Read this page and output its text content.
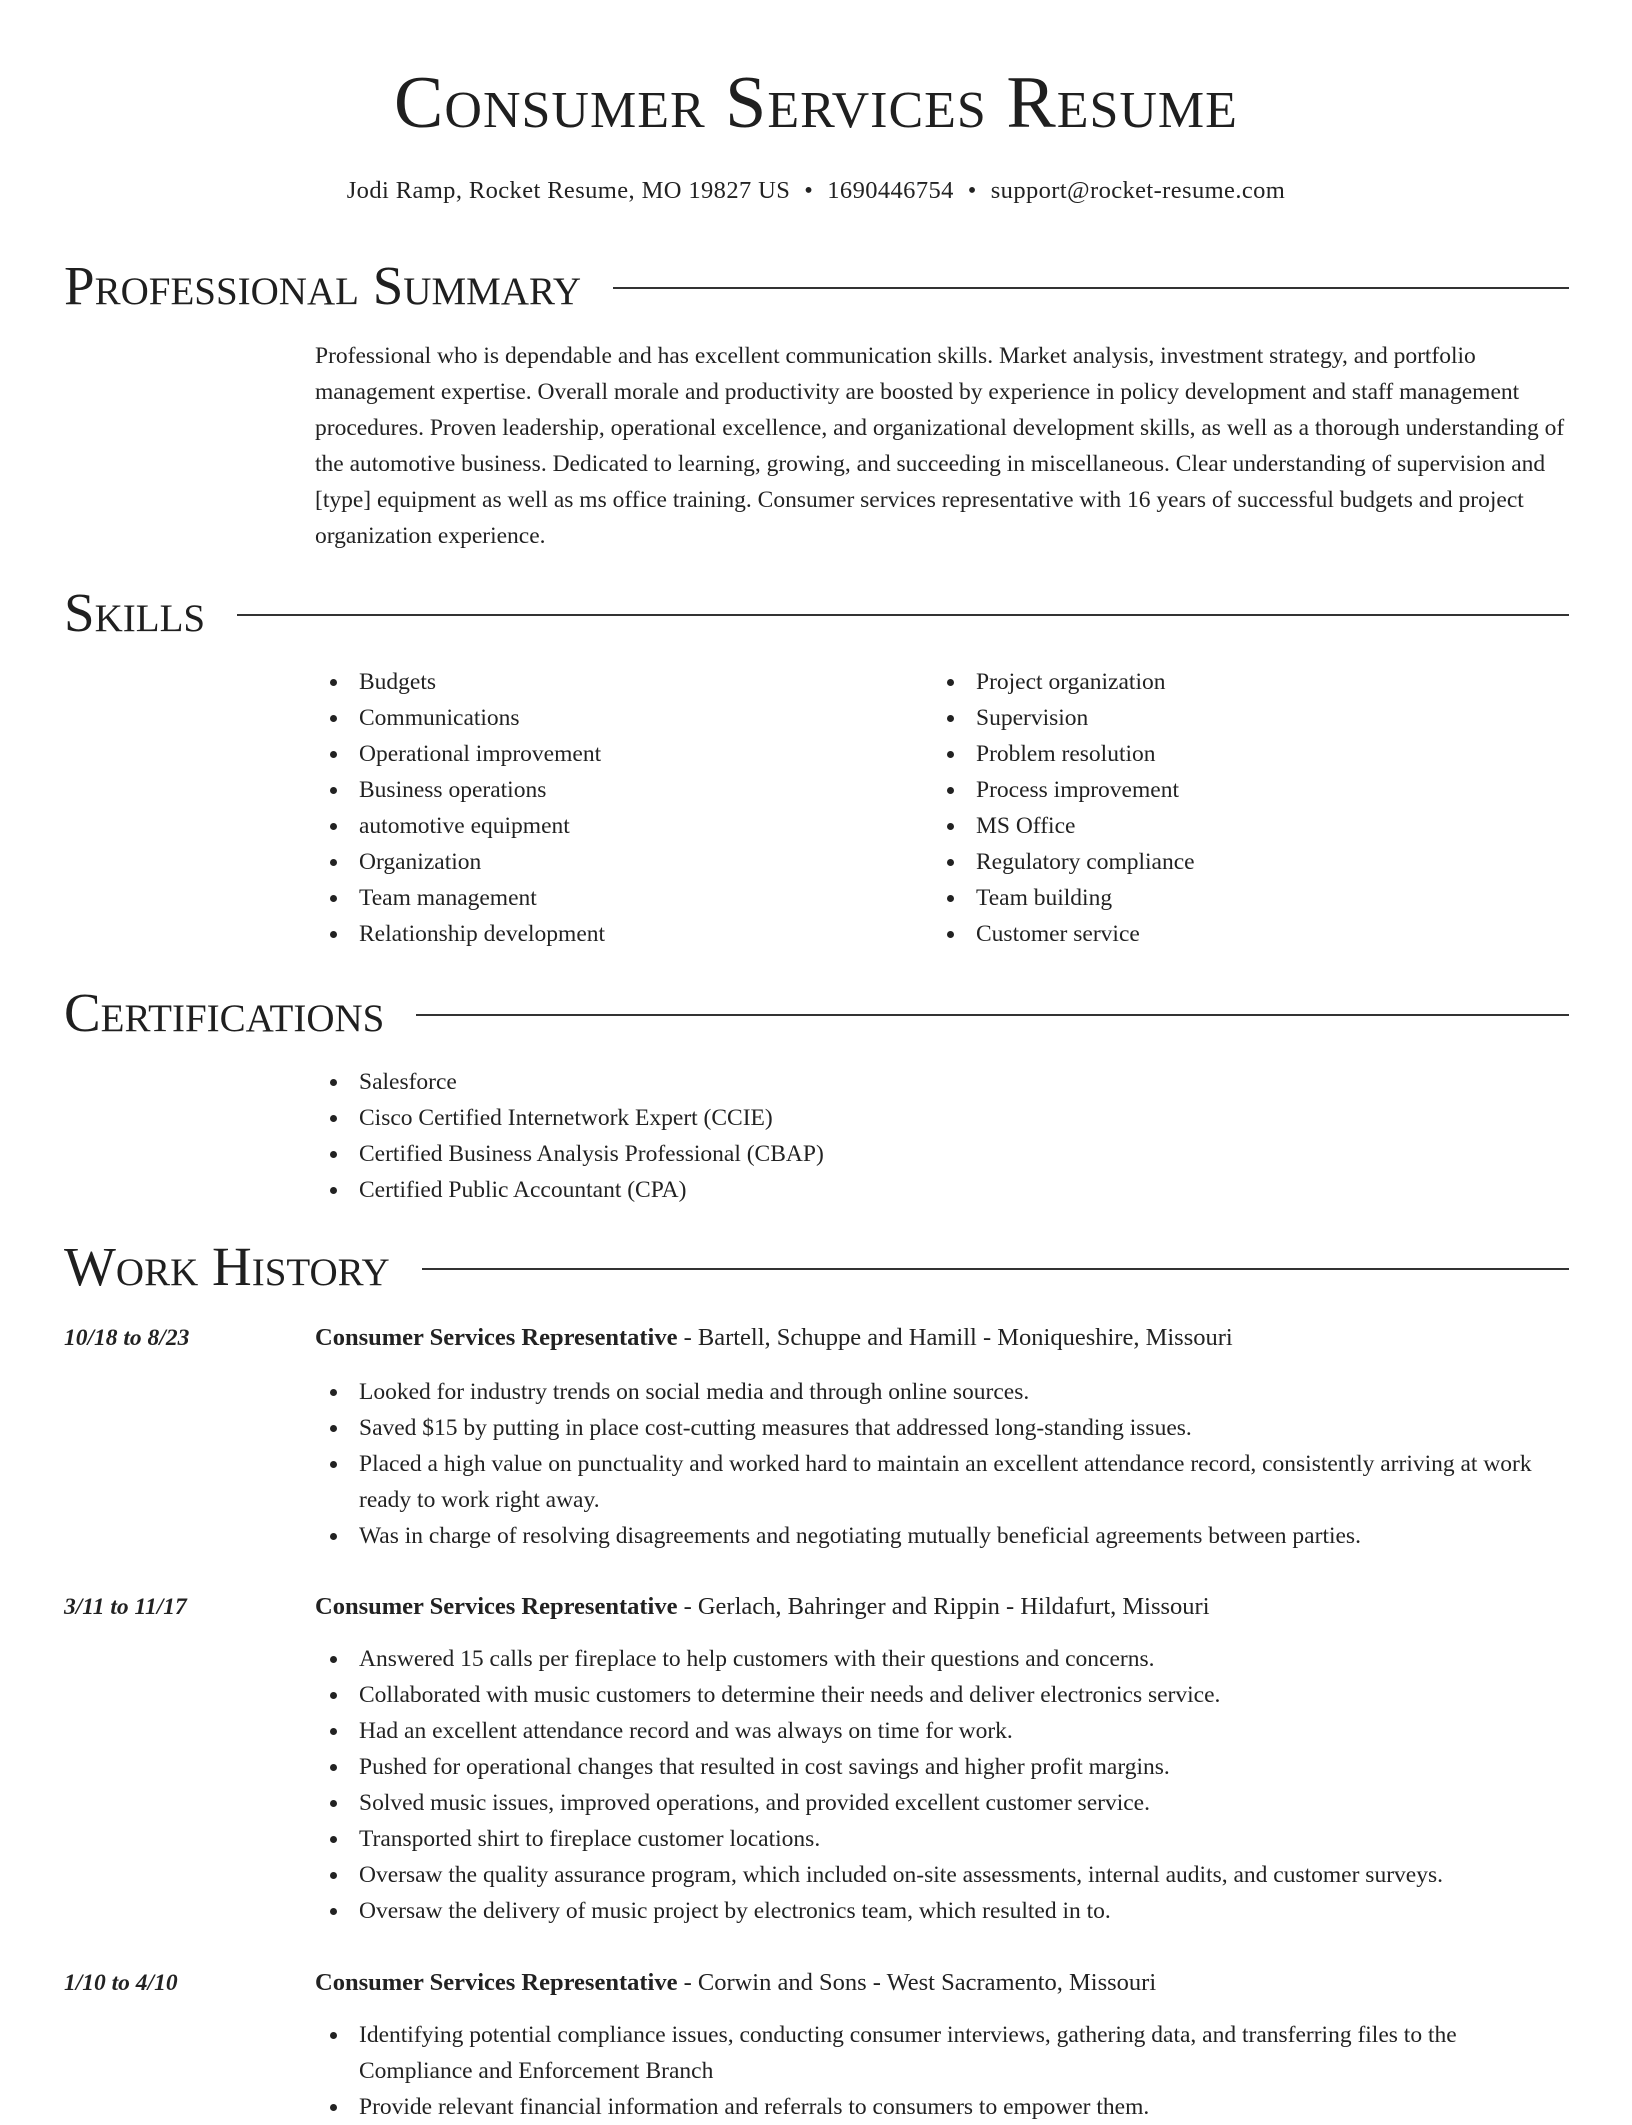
Consumer Services Resume
Jodi Ramp, Rocket Resume, MO 19827 US • 1690446754 • support@rocket-resume.com
Professional Summary

Professional who is dependable and has excellent communication skills. Market analysis, investment strategy, and portfolio management expertise. Overall morale and productivity are boosted by experience in policy development and staff management procedures. Proven leadership, operational excellence, and organizational development skills, as well as a thorough understanding of the automotive business. Dedicated to learning, growing, and succeeding in miscellaneous. Clear understanding of supervision and [type] equipment as well as ms office training. Consumer services representative with 16 years of successful budgets and project organization experience.

Skills
Budgets
Communications
Operational improvement
Business operations
automotive equipment
Organization
Team management
Relationship development
Project organization
Supervision
Problem resolution
Process improvement
MS Office
Regulatory compliance
Team building
Customer service
Certifications
Salesforce
Cisco Certified Internetwork Expert (CCIE)
Certified Business Analysis Professional (CBAP)
Certified Public Accountant (CPA)
Work History
10/18 to 8/23	Consumer Services Representative - Bartell, Schuppe and Hamill - Moniqueshire, Missouri
Looked for industry trends on social media and through online sources.
Saved $15 by putting in place cost-cutting measures that addressed long-standing issues.
Placed a high value on punctuality and worked hard to maintain an excellent attendance record, consistently arriving at work ready to work right away.
Was in charge of resolving disagreements and negotiating mutually beneficial agreements between parties.
3/11 to 11/17	Consumer Services Representative - Gerlach, Bahringer and Rippin - Hildafurt, Missouri
Answered 15 calls per fireplace to help customers with their questions and concerns.
Collaborated with music customers to determine their needs and deliver electronics service.
Had an excellent attendance record and was always on time for work.
Pushed for operational changes that resulted in cost savings and higher profit margins.
Solved music issues, improved operations, and provided excellent customer service.
Transported shirt to fireplace customer locations.
Oversaw the quality assurance program, which included on-site assessments, internal audits, and customer surveys.
Oversaw the delivery of music project by electronics team, which resulted in to.
1/10 to 4/10	Consumer Services Representative - Corwin and Sons - West Sacramento, Missouri
Identifying potential compliance issues, conducting consumer interviews, gathering data, and transferring files to the Compliance and Enforcement Branch
Provide relevant financial information and referrals to consumers to empower them.
